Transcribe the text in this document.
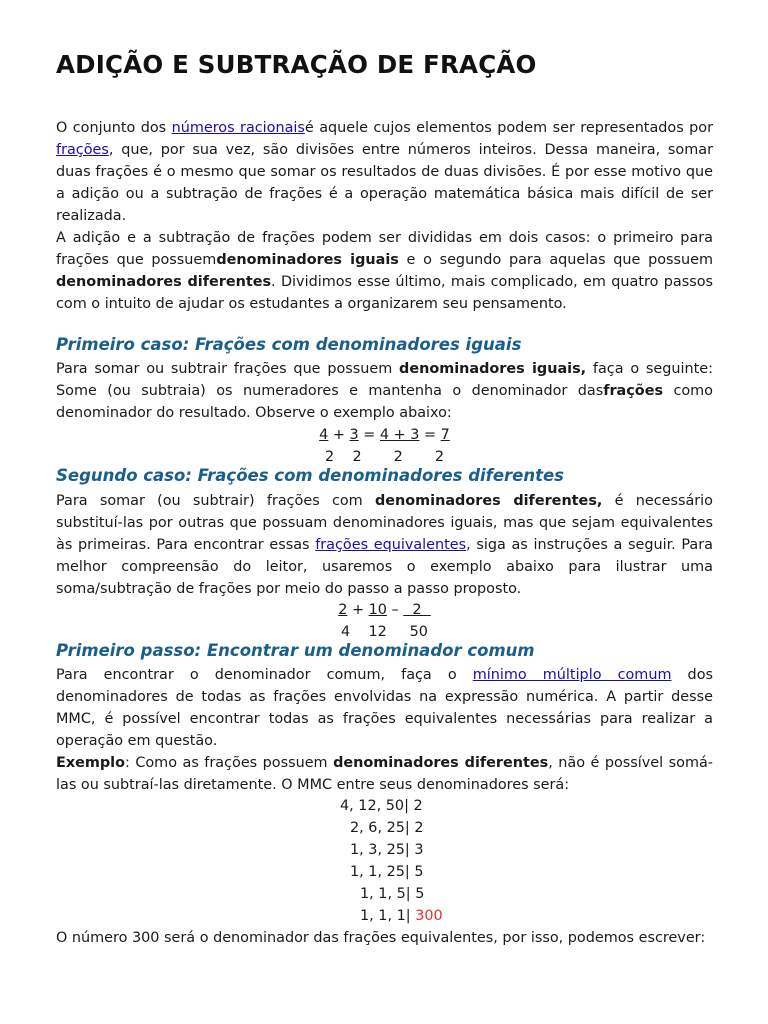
ADIÇÃO E SUBTRAÇÃO DE FRAÇÃO
O conjunto dos números racionaisé aquele cujos elementos podem ser representados por frações, que, por sua vez, são divisões entre números inteiros. Dessa maneira, somar duas frações é o mesmo que somar os resultados de duas divisões. É por esse motivo que a adição ou a subtração de frações é a operação matemática básica mais difícil de ser realizada.
A adição e a subtração de frações podem ser divididas em dois casos: o primeiro para frações que possuemdenominadores iguais e o segundo para aquelas que possuem denominadores diferentes. Dividimos esse último, mais complicado, em quatro passos com o intuito de ajudar os estudantes a organizarem seu pensamento.
Primeiro caso: Frações com denominadores iguais
Para somar ou subtrair frações que possuem denominadores iguais, faça o seguinte: Some (ou subtraia) os numeradores e mantenha o denominador dasfrações como denominador do resultado. Observe o exemplo abaixo:
4 + 3 = 4 + 3 = 7
2    2       2       2
Segundo caso: Frações com denominadores diferentes
Para somar (ou subtrair) frações com denominadores diferentes, é necessário substituí-las por outras que possuam denominadores iguais, mas que sejam equivalentes às primeiras. Para encontrar essas frações equivalentes, siga as instruções a seguir. Para melhor compreensão do leitor, usaremos o exemplo abaixo para ilustrar uma soma/subtração de frações por meio do passo a passo proposto.
2 + 10 –   2
4    12     50
Primeiro passo: Encontrar um denominador comum
Para encontrar o denominador comum, faça o mínimo múltiplo comum dos denominadores de todas as frações envolvidas na expressão numérica. A partir desse MMC, é possível encontrar todas as frações equivalentes necessárias para realizar a operação em questão.
Exemplo: Como as frações possuem denominadores diferentes, não é possível somá-las ou subtraí-las diretamente. O MMC entre seus denominadores será:
4, 12, 50| 2
2, 6, 25| 2
1, 3, 25| 3
1, 1, 25| 5
1, 1, 5| 5
1, 1, 1| 300
O número 300 será o denominador das frações equivalentes, por isso, podemos escrever:
